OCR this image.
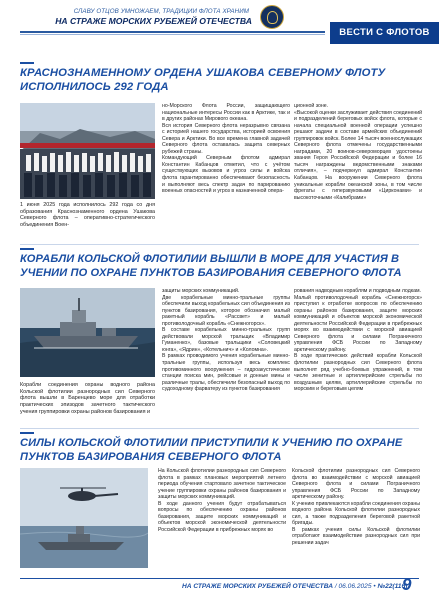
СЛАВУ ОТЦОВ УМНОЖАЕМ, ТРАДИЦИИ ФЛОТА ХРАНИМ
НА СТРАЖЕ МОРСКИХ РУБЕЖЕЙ ОТЕЧЕСТВА
ВЕСТИ С ФЛОТОВ
КРАСНОЗНАМЕННОМУ ОРДЕНА УШАКОВА СЕВЕРНОМУ ФЛОТУ
ИСПОЛНИЛОСЬ 292 ГОДА
1 июня 2025 года исполнилось 292 года со дня образования Краснознаменного ордена Ушакова Северного флота – оперативно-стратегического объединения Воен-
но-Морского Флота России, защищающего национальные интересы России как в Арктике, так и в других районах Мирового океана.
Вся история Северного флота неразрывно связана с историей нашего государства, историей освоения Севера и Арктики. Во все времена главной задачей Северного флота оставалась защита северных рубежей страны.
Командующий Северным флотом адмирал Константин Кабанцов отметил, что с учётом существующих вызовов и угроз силы и войска флота гарантированно обеспечивают безопасность и выполняют весь спектр задач по парированию военных опасностей и угроз в назначенной опера-
ционной зоне.
«Высокой оценки заслуживает действия соединений и подразделений береговых войск флота, которые с начала специальной военной операции успешно решают задачи в составе армейских объединений группировок войск. Более 14 тысяч военнослужащих Северного флота отмечены государственными наградами, 20 воинов-североморцев удостоены звания Героя Российской Федерации и более 16 тысяч награждены ведомственными знаками отличия», – подчеркнул адмирал Константин Кабанцов. На вооружении Северного флота уникальные корабли океанской зоны, в том числе фрегаты с гиперзвуковыми «Цирконами» и высокоточными «Калибрами»
КОРАБЛИ КОЛЬСКОЙ ФЛОТИЛИИ ВЫШЛИ В МОРЕ ДЛЯ УЧАСТИЯ В
УЧЕНИИ ПО ОХРАНЕ ПУНКТОВ БАЗИРОВАНИЯ СЕВЕРНОГО ФЛОТА
Корабли соединения охраны водного района Кольской флотилии разнородных сил Северного флота вышли в Баренцево море для отработки практических эпизодов зачетного тактического учения группировки охраны районов базирования и
защиты морских коммуникаций.
Две корабельные минно-тральные группы обеспечили выход корабельных сил объединения из пунктов базирования, которое обозначил малый ракетный корабль «Рассвет» и малый противолодочный корабль «Снежногорск».
В составе корабельных минно-тральных групп действовали морской тральщик «Владимир Гуманенко», базовые тральщики «Соловецкий юнга», «Ядрин», «Котельнич» и «Коломна».
В рамках проводимого учения корабельные минно-тральные группы, используя весь комплекс противоминного вооружения – гидроакустические станции поиска мин, рейсовые и донные мины и различные тралы, обеспечили безопасный выход по судоходному фарватеру из пунктов базирования
рования надводным кораблям и подводным лодкам.
Малый противолодочный корабль «Снежногорск» приступил к отработке вопросов по обеспечению охраны районов базирования, защите морских коммуникаций и объектов морской экономической деятельности Российской Федерации в прибрежных морях во взаимодействии с морской авиацией Северного флота и силами Пограничного управления ФСБ России по Западному арктическому району.
В ходе практических действий корабли Кольской флотилии разнородных сил Северного флота выполнят ряд учебно-боевых упражнений, в том числе зенитные и артиллерийские стрельбы по воздушным целям, артиллерийские стрельбы по морским и береговым целям
СИЛЫ КОЛЬСКОЙ ФЛОТИЛИИ ПРИСТУПИЛИ К УЧЕНИЮ ПО ОХРАНЕ
ПУНКТОВ БАЗИРОВАНИЯ СЕВЕРНОГО ФЛОТА
На Кольской флотилии разнородных сил Северного флота в рамках плановых мероприятий летнего периода обучения стартовало зачетное тактическое учение группировки охраны районов базирования и защиты морских коммуникаций.
В ходе данного учения будут отрабатываться вопросы по обеспечению охраны районов базирования, защите морских коммуникаций и объектов морской экономической деятельности Российской Федерации в прибрежных морях во
Кольской флотилии разнородных сил Северного флота во взаимодействии с морской авиацией Северного флота и силами Пограничного управления ФСБ России по Западному арктическому району.
К учению привлекаются корабли соединения охраны водного района Кольской флотилии разнородных сил, а также подразделения береговой ракетной бригады.
В рамках учения силы Кольской флотилии отработают взаимодействие разнородных сил при решении задач
НА СТРАЖЕ МОРСКИХ РУБЕЖЕЙ ОТЕЧЕСТВА / 06.06.2025 • №22(116)
9
